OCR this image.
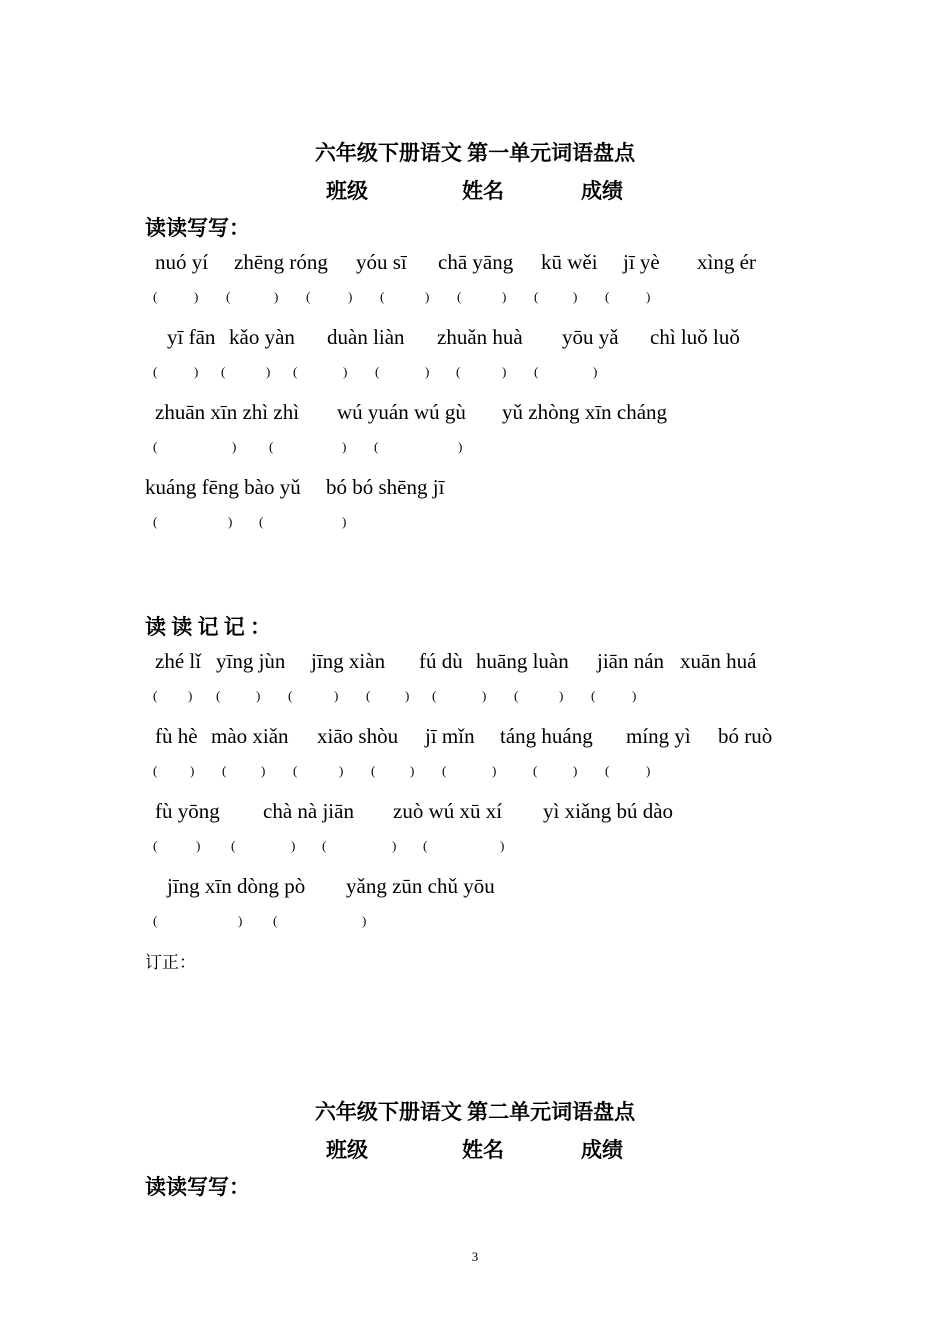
六年级下册语文 第一单元词语盘点
班级	姓名	成绩
读读写写：
nuó yí zhēng róng yóu sī chā yāng kū wěi jī yè xìng ér
(	) (	) (	) (	) (	) (	) (	)
yī fān kǎo yàn duàn liàn zhuǎn huà yōu yǎ chì luǒ luǒ
(	) (	) (	) (	) (	) (	)
zhuān xīn zhì zhì wú yuán wú gù yǔ zhòng xīn cháng
(	)	(	) (	)
kuáng fēng bào yǔ bó bó shēng jī
(	) (	)
读 读 记 记 ：
zhé lǐ yīng jùn jīng xiàn fú dù huāng luàn jiān nán xuān huá
( ) (	) (	) (	) (	) (	) (	)
fù hè mào xiǎn xiāo shòu jī mǐn táng huáng míng yì bó ruò
(	) (	) (	) (	) (	)	(	) (	)
fù yōng chà nà jiān zuò wú xū xí yì xiǎng bú dào
(	) (	) (	) (	)
jīng xīn dòng pò yǎng zūn chǔ yōu
(	) (	)
订正：
六年级下册语文 第二单元词语盘点
班级	姓名	成绩
读读写写：
3
